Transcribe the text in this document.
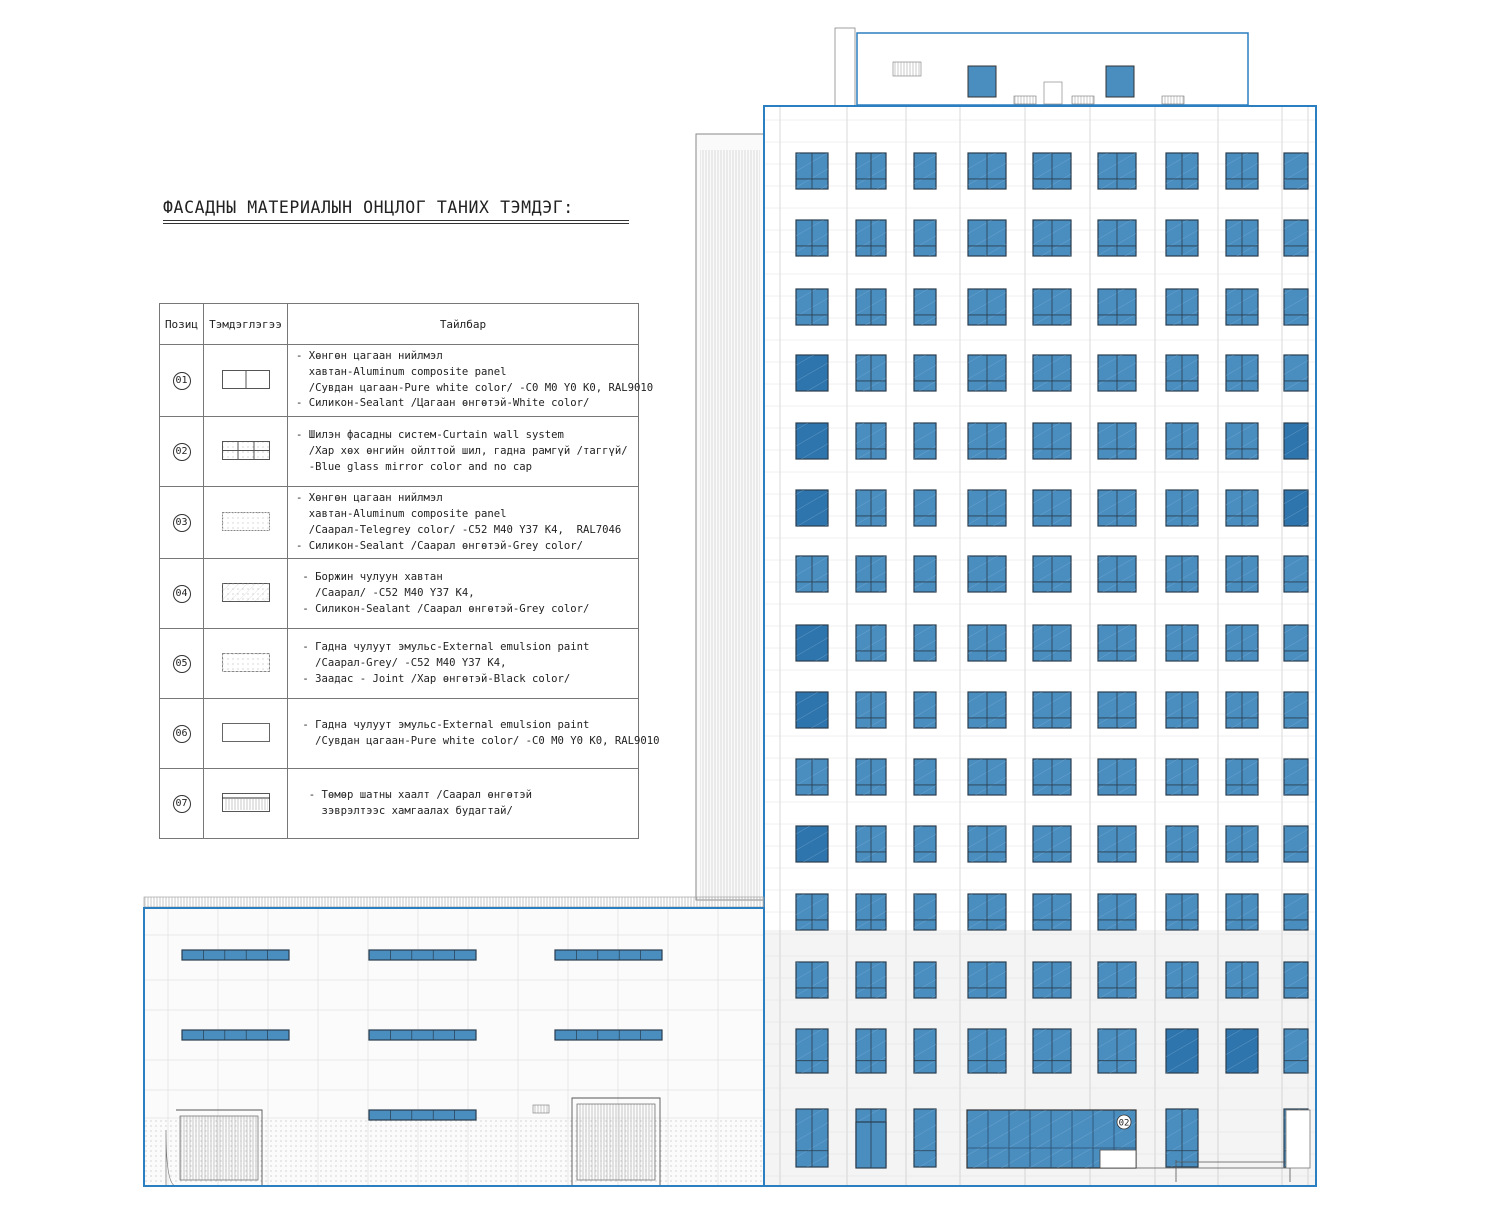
02
ФАСАДНЫ МАТЕРИАЛЫН ОНЦЛОГ ТАНИХ ТЭМДЭГ:
Позиц	Тэмдэглэгээ	Тайлбар
01		- Хөнгөн цагаан нийлмэл
хавтан-Aluminum composite panel
/Сувдан цагаан-Pure white color/ -C0 M0 Y0 K0, RAL9010
- Силикон-Sealant /Цагаан өнгөтэй-White color/

02		- Шилэн фасадны систем-Curtain wall system
/Хар хөх өнгийн ойлттой шил, гадна рамгүй /таггүй/
-Blue glass mirror color and no cap

03		- Хөнгөн цагаан нийлмэл
хавтан-Aluminum composite panel
/Саарал-Telegrey color/ -C52 M40 Y37 K4,  RAL7046
- Силикон-Sealant /Саарал өнгөтэй-Grey color/

04		- Боржин чулуун хавтан
/Саарал/ -C52 M40 Y37 K4,
- Силикон-Sealant /Саарал өнгөтэй-Grey color/

05		- Гадна чулуут эмульс-External emulsion paint
/Саарал-Grey/ -C52 M40 Y37 K4,
- Заадас - Joint /Хар өнгөтэй-Black color/

06		- Гадна чулуут эмульс-External emulsion paint
/Сувдан цагаан-Pure white color/ -C0 M0 Y0 K0, RAL9010

07		- Төмөр шатны хаалт /Саарал өнгөтэй
зэврэлтээс хамгаалах будагтай/
